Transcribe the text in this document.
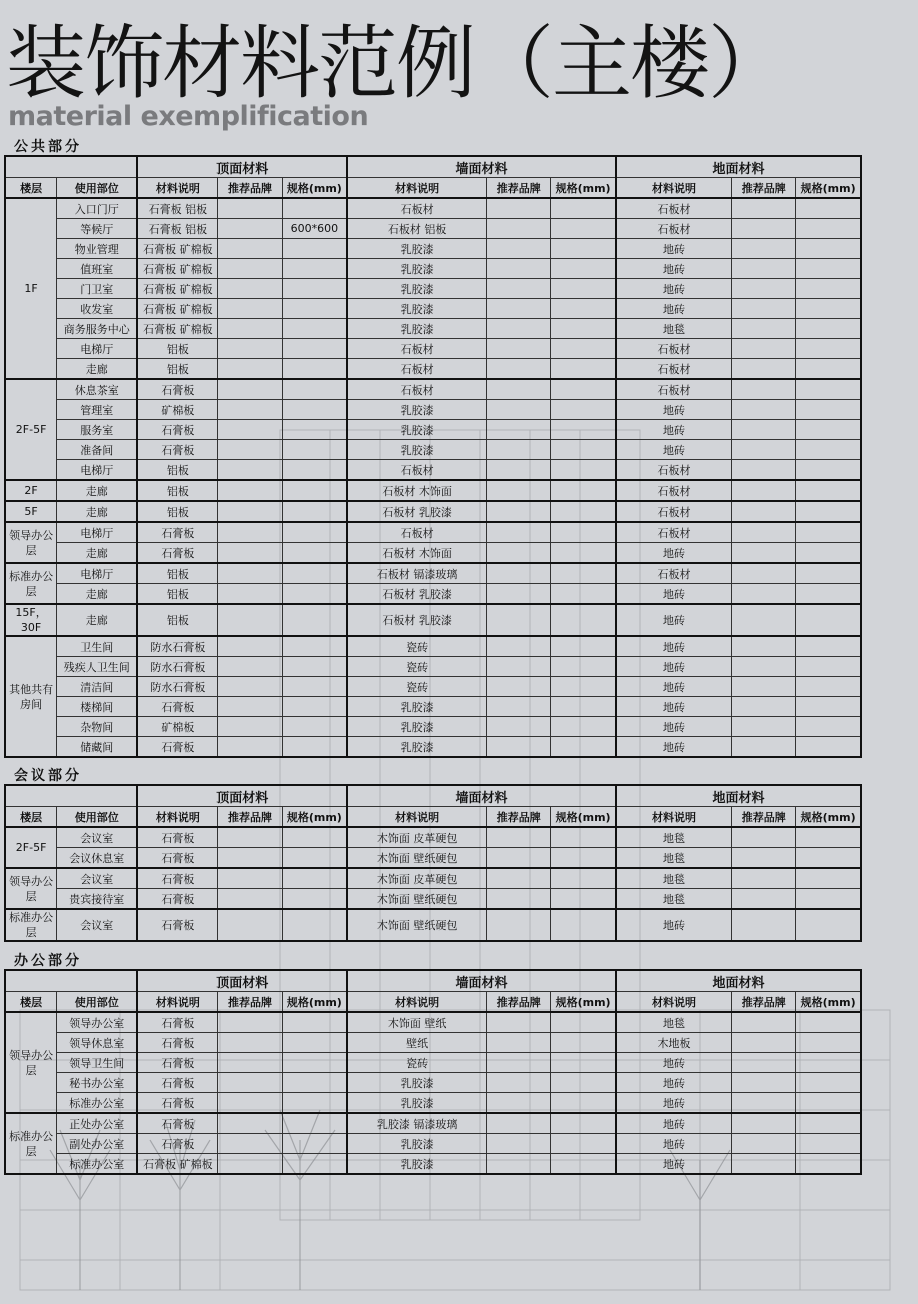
装饰材料范例（主楼）
material exemplification
公共部分
		顶面材料			墙面材料			地面材料		
楼层	使用部位	材料说明	推荐品牌	规格(mm)	材料说明	推荐品牌	规格(mm)	材料说明	推荐品牌	规格(mm)
1F	入口门厅	石膏板 铝板			石板材			石板材		
	等候厅	石膏板 铝板		600*600	石板材 铝板			石板材		
	物业管理	石膏板 矿棉板			乳胶漆			地砖		
	值班室	石膏板 矿棉板			乳胶漆			地砖		
	门卫室	石膏板 矿棉板			乳胶漆			地砖		
	收发室	石膏板 矿棉板			乳胶漆			地砖		
	商务服务中心	石膏板 矿棉板			乳胶漆			地毯		
	电梯厅	铝板			石板材			石板材		
	走廊	铝板			石板材			石板材		
2F-5F	休息茶室	石膏板			石板材			石板材		
	管理室	矿棉板			乳胶漆			地砖		
	服务室	石膏板			乳胶漆			地砖		
	准备间	石膏板			乳胶漆			地砖		
	电梯厅	铝板			石板材			石板材		
2F	走廊	铝板			石板材 木饰面			石板材		
5F	走廊	铝板			石板材 乳胶漆			石板材		
领导办公层	电梯厅	石膏板			石板材			石板材		
	走廊	石膏板			石板材 木饰面			地砖		
标准办公层	电梯厅	铝板			石板材 镉漆玻璃			石板材		
	走廊	铝板			石板材 乳胶漆			地砖		
15F，30F	走廊	铝板			石板材 乳胶漆			地砖		
其他共有房间	卫生间	防水石膏板			瓷砖			地砖		
	残疾人卫生间	防水石膏板			瓷砖			地砖		
	清洁间	防水石膏板			瓷砖			地砖		
	楼梯间	石膏板			乳胶漆			地砖		
	杂物间	矿棉板			乳胶漆			地砖		
	储藏间	石膏板			乳胶漆			地砖		
会议部分
		顶面材料			墙面材料			地面材料		
楼层	使用部位	材料说明	推荐品牌	规格(mm)	材料说明	推荐品牌	规格(mm)	材料说明	推荐品牌	规格(mm)
2F-5F	会议室	石膏板			木饰面 皮革硬包			地毯		
	会议休息室	石膏板			木饰面 壁纸硬包			地毯		
领导办公层	会议室	石膏板			木饰面 皮革硬包			地毯		
	贵宾接待室	石膏板			木饰面 壁纸硬包			地毯		
标准办公层	会议室	石膏板			木饰面 壁纸硬包			地砖		
办公部分
		顶面材料			墙面材料			地面材料		
楼层	使用部位	材料说明	推荐品牌	规格(mm)	材料说明	推荐品牌	规格(mm)	材料说明	推荐品牌	规格(mm)
领导办公层	领导办公室	石膏板			木饰面 壁纸			地毯		
	领导休息室	石膏板			壁纸			木地板		
	领导卫生间	石膏板			瓷砖			地砖		
	秘书办公室	石膏板			乳胶漆			地砖		
	标准办公室	石膏板			乳胶漆			地砖		
标准办公层	正处办公室	石膏板			乳胶漆 镉漆玻璃			地砖		
	副处办公室	石膏板			乳胶漆			地砖		
	标准办公室	石膏板 矿棉板			乳胶漆			地砖		
